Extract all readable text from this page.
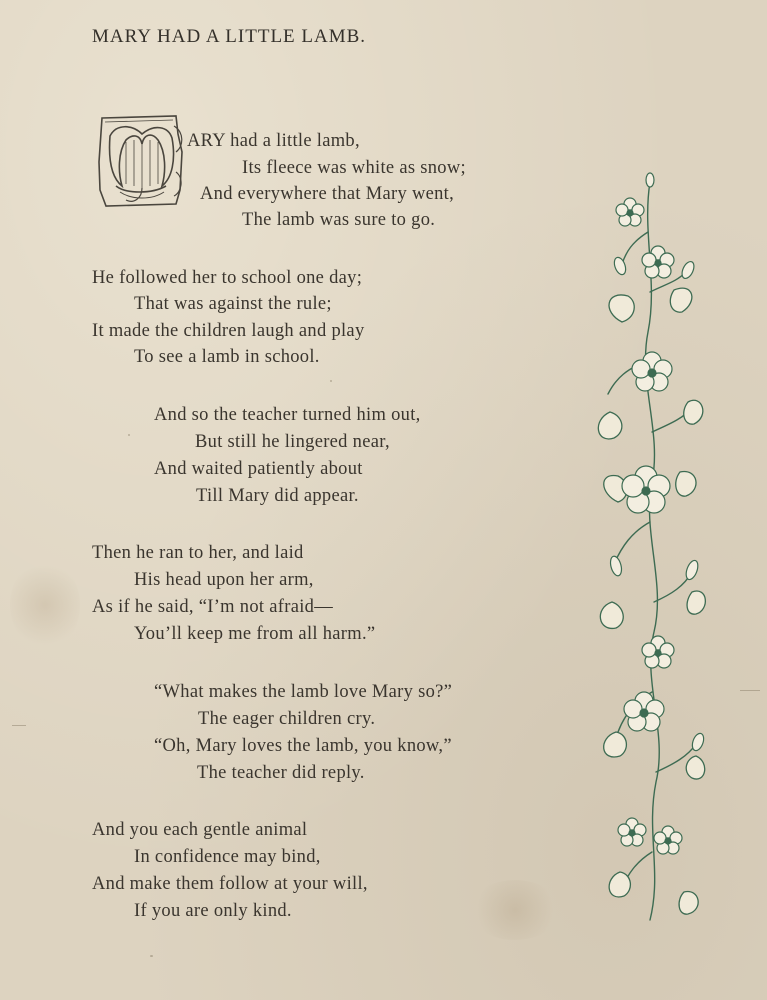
MARY HAD A LITTLE LAMB.
ARY had a little lamb,
Its fleece was white as snow;
And everywhere that Mary went,
The lamb was sure to go.
He followed her to school one day;
That was against the rule;
It made the children laugh and play
To see a lamb in school.
And so the teacher turned him out,
But still he lingered near,
And waited patiently about
Till Mary did appear.
Then he ran to her, and laid
His head upon her arm,
As if he said, “I’m not afraid—
You’ll keep me from all harm.”
“What makes the lamb love Mary so?”
The eager children cry.
“Oh, Mary loves the lamb, you know,”
The teacher did reply.
And you each gentle animal
In confidence may bind,
And make them follow at your will,
If you are only kind.
